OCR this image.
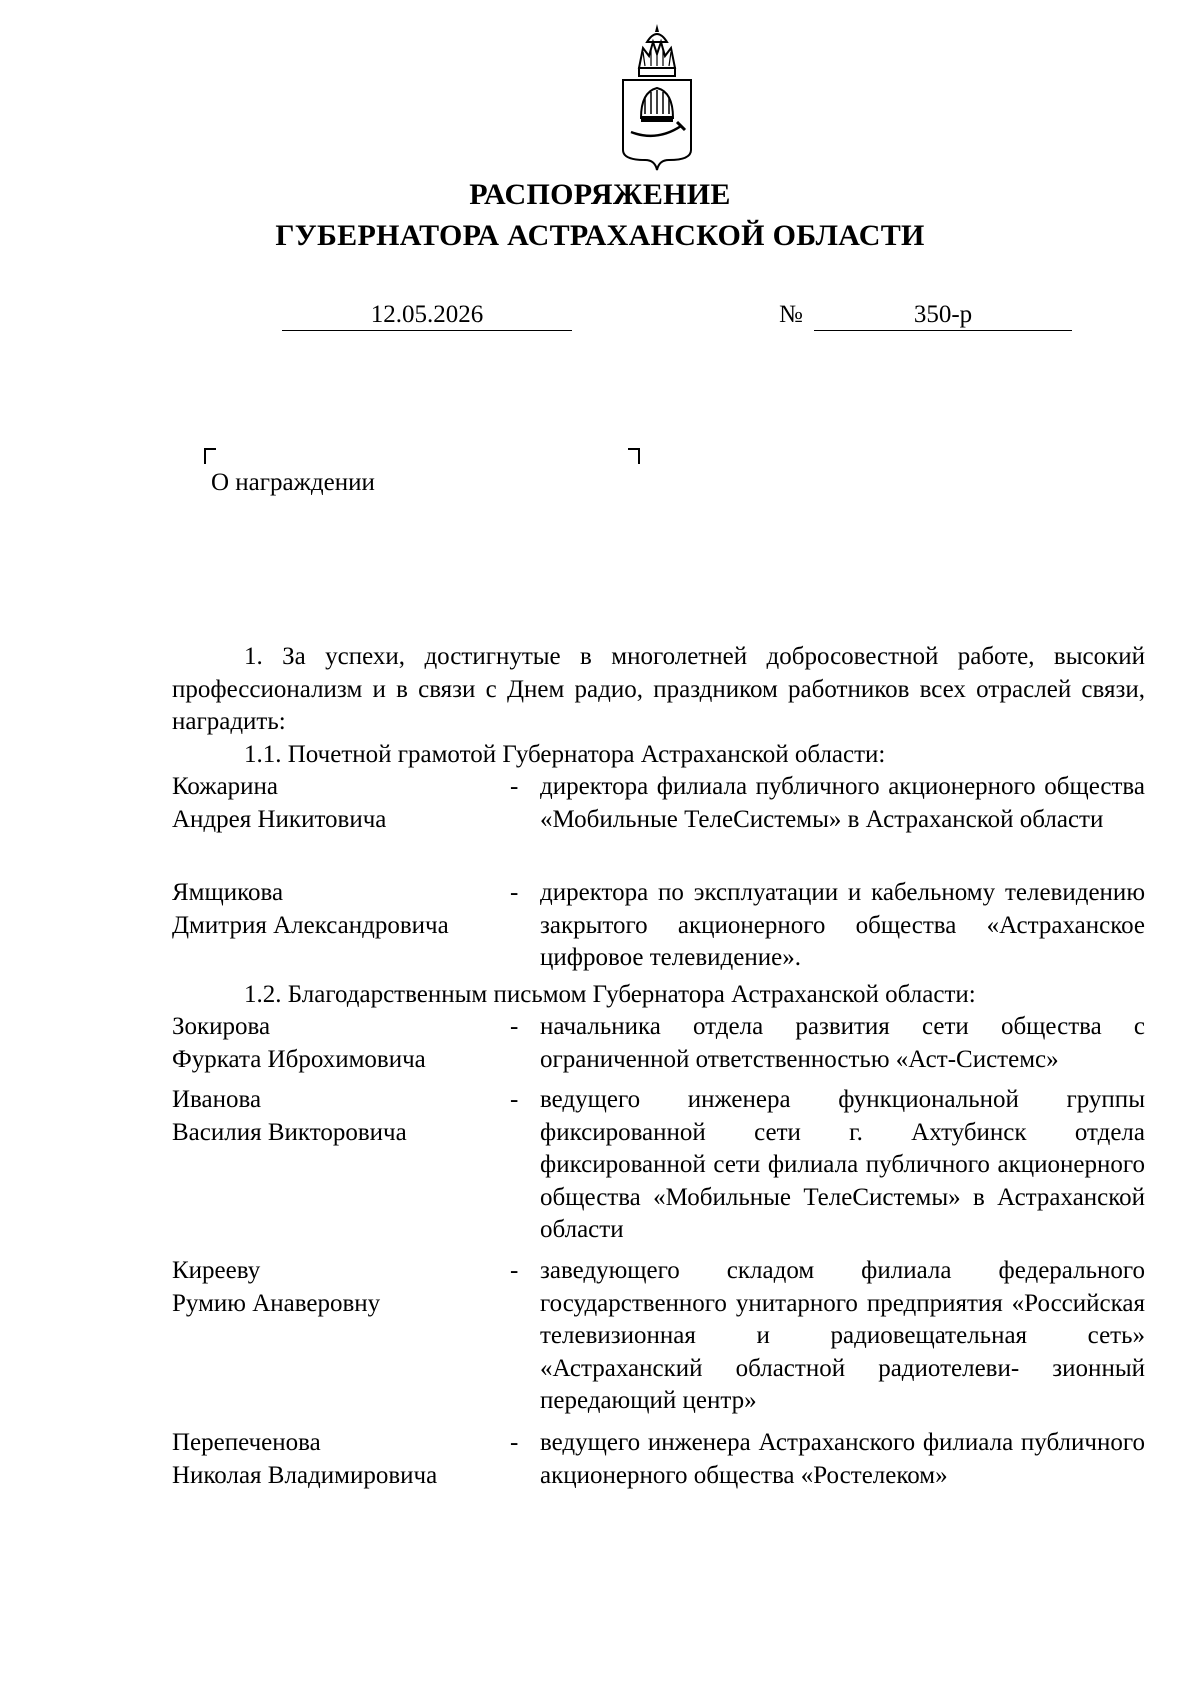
РАСПОРЯЖЕНИЕ
ГУБЕРНАТОРА АСТРАХАНСКОЙ ОБЛАСТИ
12.05.2026	№	350-р
О награждении
1. За успехи, достигнутые в многолетней добросовестной работе, высокий профессионализм и в связи с Днем радио, праздником работников всех отраслей связи, наградить:
1.1. Почетной грамотой Губернатора Астраханской области:
Кожарина
Андрея Никитовича
- директора филиала публичного акционерного общества «Мобильные ТелеСистемы» в Астраханской области
Ямщикова
Дмитрия Александровича
- директора по эксплуатации и кабельному телевидению закрытого акционерного общества «Астраханское цифровое телевидение».
1.2. Благодарственным письмом Губернатора Астраханской области:
Зокирова
Фурката Иброхимовича
- начальника отдела развития сети общества с ограниченной ответственностью «Аст-Системс»
Иванова
Василия Викторовича
- ведущего инженера функциональной группы фиксированной сети г. Ахтубинск отдела фиксированной сети филиала публичного акционерного общества «Мобильные ТелеСистемы» в Астраханской области
Кирееву
Румию Анаверовну
- заведующего складом филиала федерального государственного унитарного предприятия «Российская телевизионная и радиовещательная сеть» «Астраханский областной радиотелеви- зионный передающий центр»
Перепеченова
Николая Владимировича
- ведущего инженера Астраханского филиала публичного акционерного общества «Ростелеком»
